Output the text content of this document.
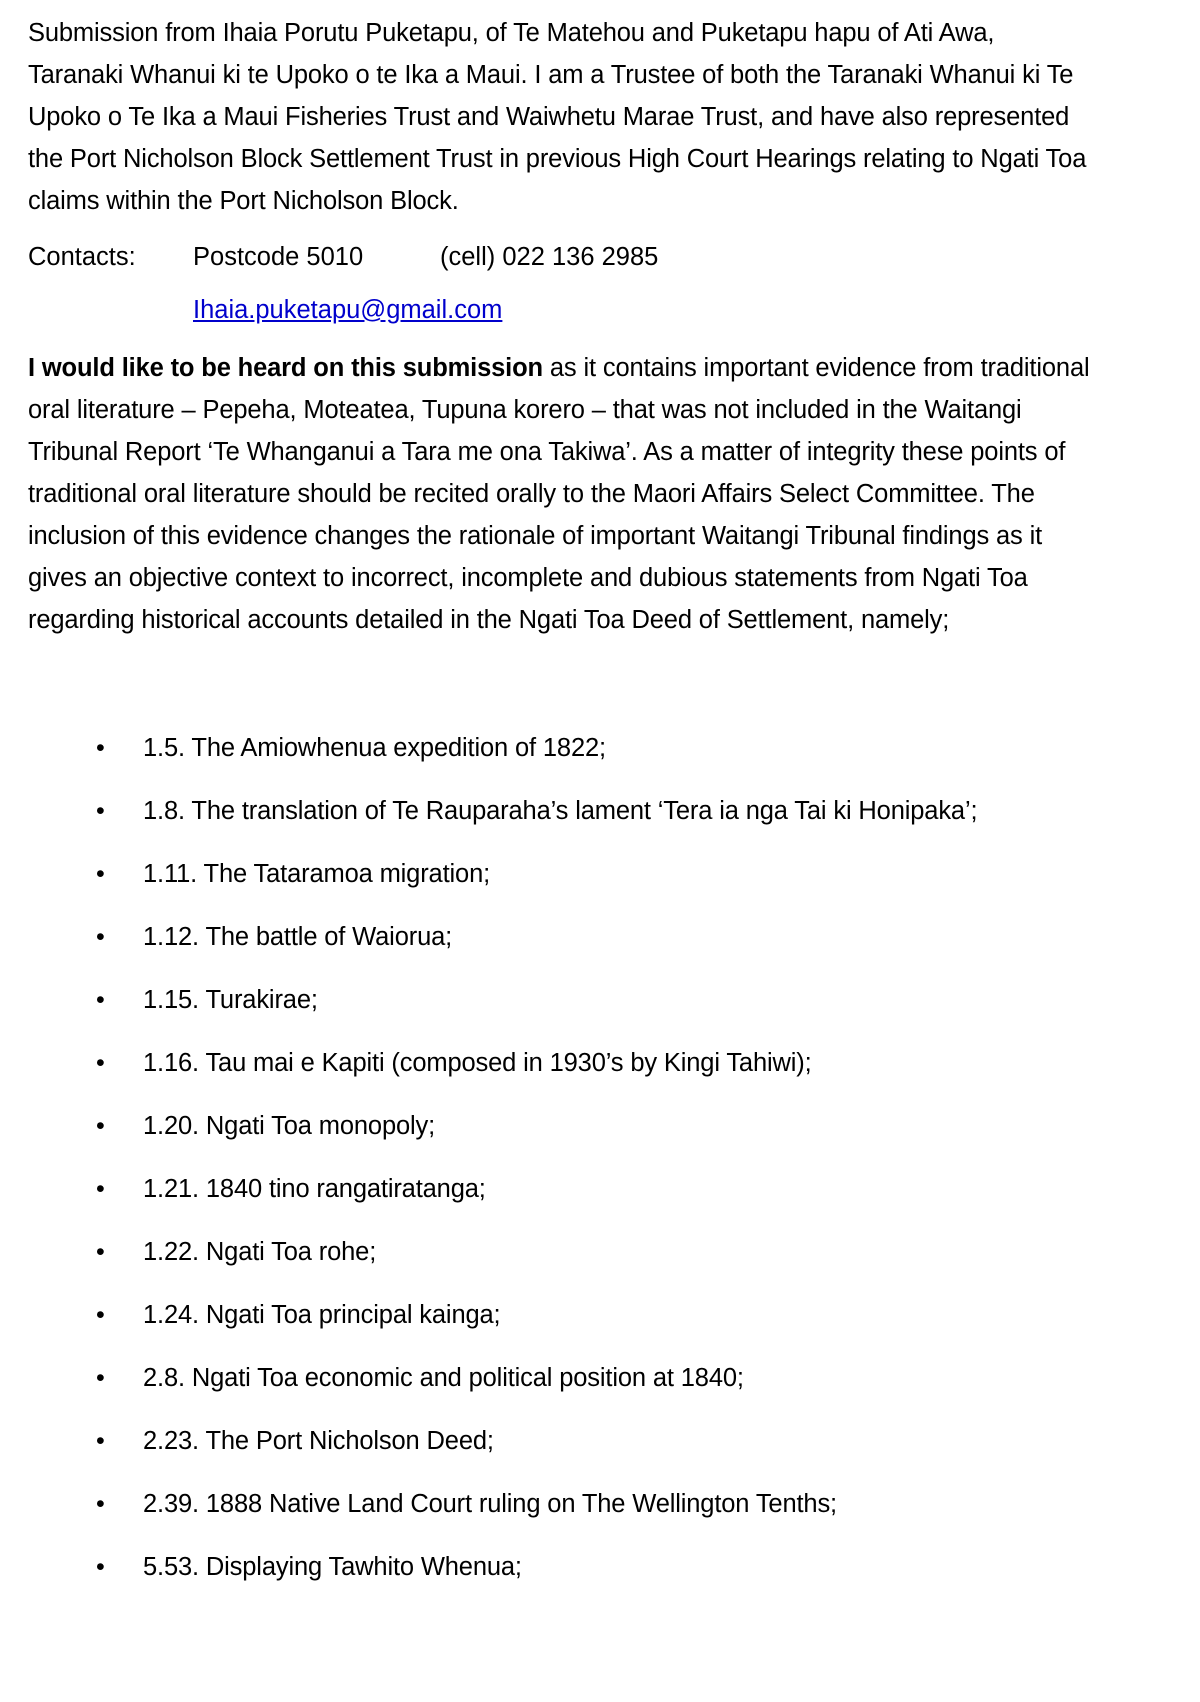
Submission from Ihaia Porutu Puketapu, of Te Matehou and Puketapu hapu of Ati Awa, Taranaki Whanui ki te Upoko o te Ika a Maui. I am a Trustee of both the Taranaki Whanui ki Te Upoko o Te Ika a Maui Fisheries Trust and Waiwhetu Marae Trust, and have also represented the Port Nicholson Block Settlement Trust in previous High Court Hearings relating to Ngati Toa claims within the Port Nicholson Block.

Contacts: Postcode 5010	(cell) 022 136 2985

Ihaia.puketapu@gmail.com

I would like to be heard on this submission as it contains important evidence from traditional oral literature – Pepeha, Moteatea, Tupuna korero – that was not included in the Waitangi Tribunal Report ‘Te Whanganui a Tara me ona Takiwa’. As a matter of integrity these points of traditional oral literature should be recited orally to the Maori Affairs Select Committee. The inclusion of this evidence changes the rationale of important Waitangi Tribunal findings as it gives an objective context to incorrect, incomplete and dubious statements from Ngati Toa regarding historical accounts detailed in the Ngati Toa Deed of Settlement, namely;

• 1.5. The Amiowhenua expedition of 1822;
• 1.8. The translation of Te Rauparaha’s lament ‘Tera ia nga Tai ki Honipaka’;
• 1.11. The Tataramoa migration;
• 1.12. The battle of Waiorua;
• 1.15. Turakirae;
• 1.16. Tau mai e Kapiti (composed in 1930’s by Kingi Tahiwi);
• 1.20. Ngati Toa monopoly;
• 1.21. 1840 tino rangatiratanga;
• 1.22. Ngati Toa rohe;
• 1.24. Ngati Toa principal kainga;
• 2.8. Ngati Toa economic and political position at 1840;
• 2.23. The Port Nicholson Deed;
• 2.39. 1888 Native Land Court ruling on The Wellington Tenths;
• 5.53. Displaying Tawhito Whenua;
